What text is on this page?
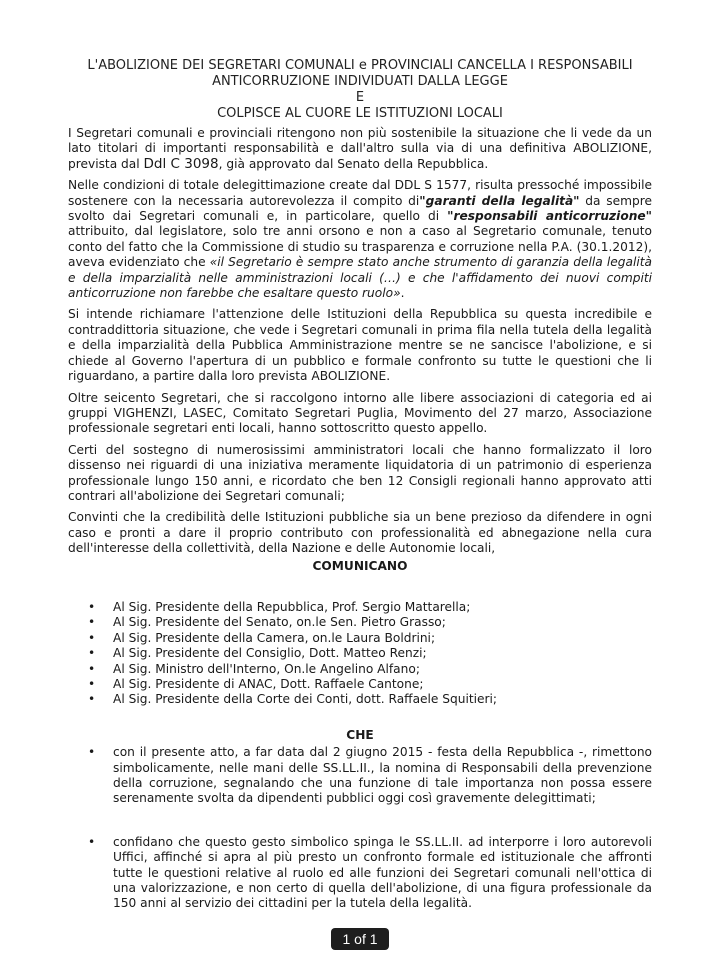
L'ABOLIZIONE DEI SEGRETARI COMUNALI e PROVINCIALI CANCELLA I RESPONSABILI
ANTICORRUZIONE INDIVIDUATI DALLA LEGGE
E
COLPISCE AL CUORE LE ISTITUZIONI LOCALI

I Segretari comunali e provinciali ritengono non più sostenibile la situazione che li vede da un lato titolari di importanti responsabilità e dall'altro sulla via di una definitiva ABOLIZIONE, prevista dal Ddl C 3098, già approvato dal Senato della Repubblica.

Nelle condizioni di totale delegittimazione create dal DDL S 1577, risulta pressoché impossibile sostenere con la necessaria autorevolezza il compito di"garanti della legalità" da sempre svolto dai Segretari comunali e, in particolare, quello di "responsabili anticorruzione" attribuito, dal legislatore, solo tre anni orsono e non a caso al Segretario comunale, tenuto conto del fatto che la Commissione di studio su trasparenza e corruzione nella P.A. (30.1.2012), aveva evidenziato che «il Segretario è sempre stato anche strumento di garanzia della legalità e della imparzialità nelle amministrazioni locali (…) e che l'affidamento dei nuovi compiti anticorruzione non farebbe che esaltare questo ruolo».

Si intende richiamare l'attenzione delle Istituzioni della Repubblica su questa incredibile e contraddittoria situazione, che vede i Segretari comunali in prima fila nella tutela della legalità e della imparzialità della Pubblica Amministrazione mentre se ne sancisce l'abolizione, e si chiede al Governo l'apertura di un pubblico e formale confronto su tutte le questioni che li riguardano, a partire dalla loro prevista ABOLIZIONE.

Oltre seicento Segretari, che si raccolgono intorno alle libere associazioni di categoria ed ai gruppi VIGHENZI, LASEC, Comitato Segretari Puglia, Movimento del 27 marzo, Associazione professionale segretari enti locali, hanno sottoscritto questo appello.

Certi del sostegno di numerosissimi amministratori locali che hanno formalizzato il loro dissenso nei riguardi di una iniziativa meramente liquidatoria di un patrimonio di esperienza professionale lungo 150 anni, e ricordato che ben 12 Consigli regionali hanno approvato atti contrari all'abolizione dei Segretari comunali;

Convinti che la credibilità delle Istituzioni pubbliche sia un bene prezioso da difendere in ogni caso e pronti a dare il proprio contributo con professionalità ed abnegazione nella cura dell'interesse della collettività, della Nazione e delle Autonomie locali,

COMUNICANO
• Al Sig. Presidente della Repubblica, Prof. Sergio Mattarella;
• Al Sig. Presidente del Senato, on.le Sen. Pietro Grasso;
• Al Sig. Presidente della Camera, on.le Laura Boldrini;
• Al Sig. Presidente del Consiglio, Dott. Matteo Renzi;
• Al Sig. Ministro dell'Interno, On.le Angelino Alfano;
• Al Sig. Presidente di ANAC, Dott. Raffaele Cantone;
• Al Sig. Presidente della Corte dei Conti, dott. Raffaele Squitieri;
CHE
• con il presente atto, a far data dal 2 giugno 2015 - festa della Repubblica -, rimettono simbolicamente, nelle mani delle SS.LL.II., la nomina di Responsabili della prevenzione della corruzione, segnalando che una funzione di tale importanza non possa essere serenamente svolta da dipendenti pubblici oggi così gravemente delegittimati;
• confidano che questo gesto simbolico spinga le SS.LL.II. ad interporre i loro autorevoli Uffici, affinché si apra al più presto un confronto formale ed istituzionale che affronti tutte le questioni relative al ruolo ed alle funzioni dei Segretari comunali nell'ottica di una valorizzazione, e non certo di quella dell'abolizione, di una figura professionale da 150 anni al servizio dei cittadini per la tutela della legalità.
1 of 1
